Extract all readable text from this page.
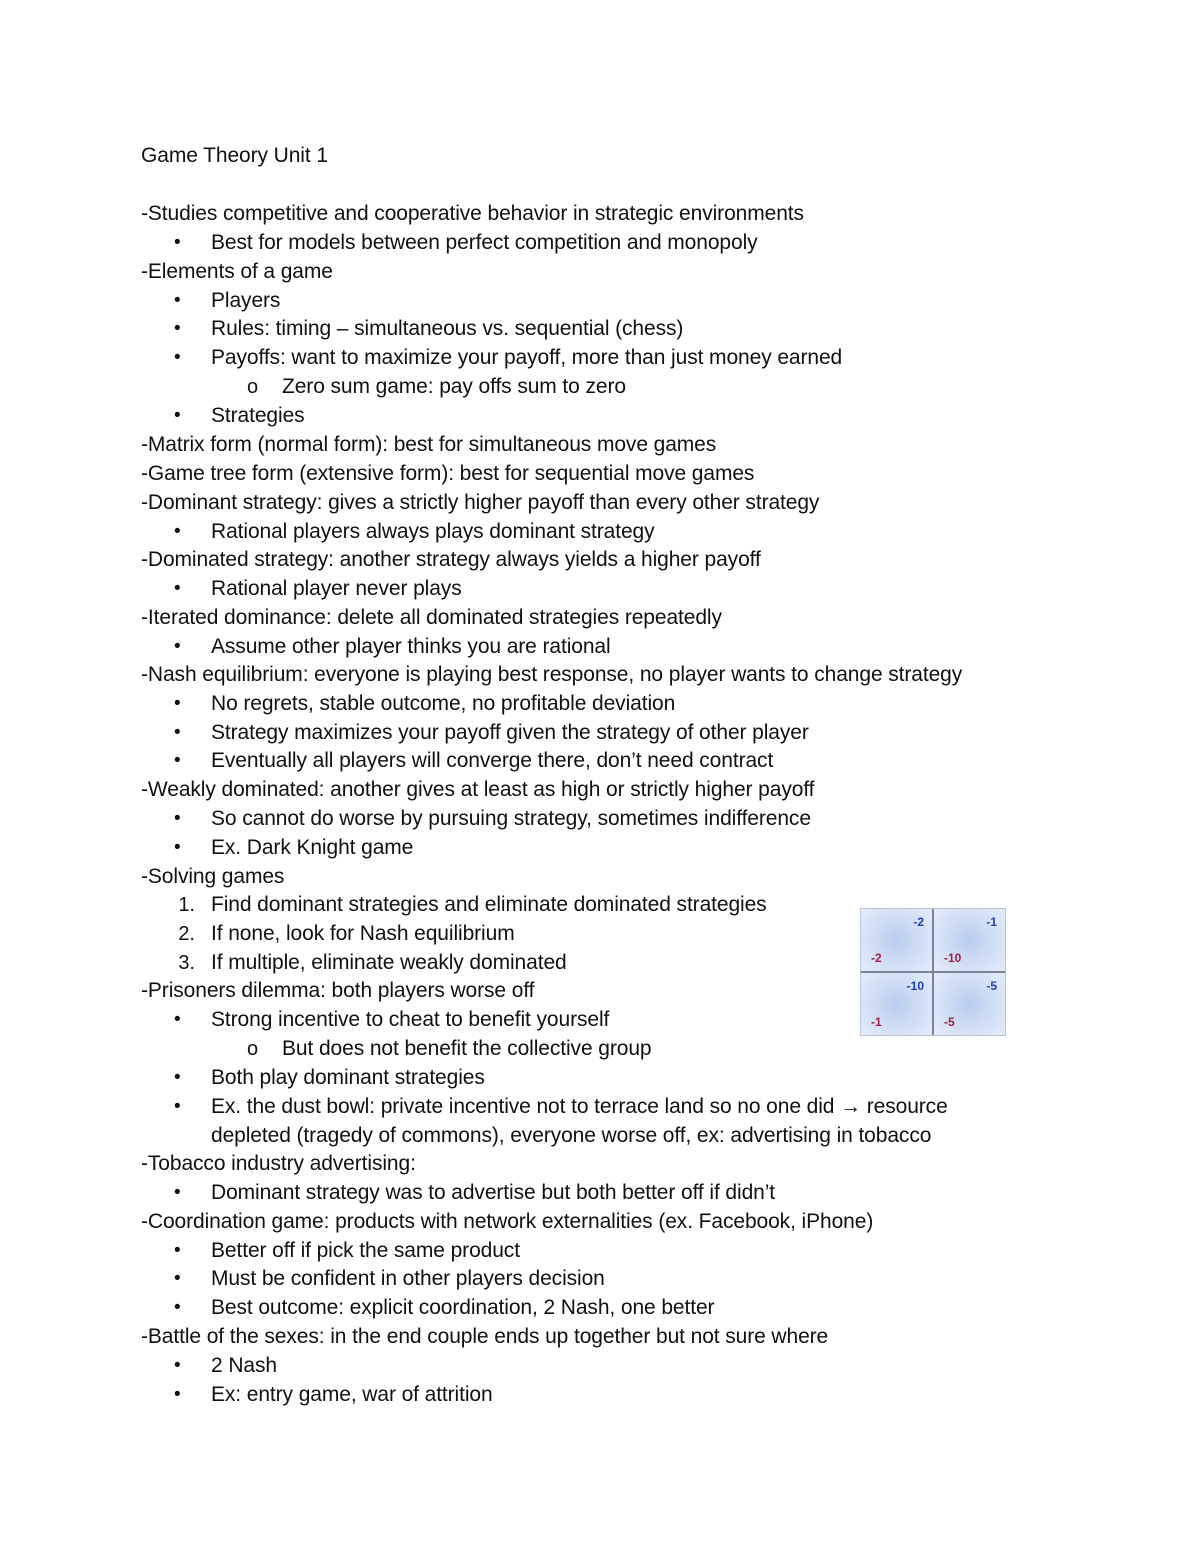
Game Theory Unit 1
-Studies competitive and cooperative behavior in strategic environments
• Best for models between perfect competition and monopoly
-Elements of a game
• Players
• Rules: timing – simultaneous vs. sequential (chess)
• Payoffs: want to maximize your payoff, more than just money earned
o Zero sum game: pay offs sum to zero
• Strategies
-Matrix form (normal form): best for simultaneous move games
-Game tree form (extensive form): best for sequential move games
-Dominant strategy: gives a strictly higher payoff than every other strategy
• Rational players always plays dominant strategy
-Dominated strategy: another strategy always yields a higher payoff
• Rational player never plays
-Iterated dominance: delete all dominated strategies repeatedly
• Assume other player thinks you are rational
-Nash equilibrium: everyone is playing best response, no player wants to change strategy
• No regrets, stable outcome, no profitable deviation
• Strategy maximizes your payoff given the strategy of other player
• Eventually all players will converge there, don’t need contract
-Weakly dominated: another gives at least as high or strictly higher payoff
• So cannot do worse by pursuing strategy, sometimes indifference
• Ex. Dark Knight game
-Solving games
1. Find dominant strategies and eliminate dominated strategies
2. If none, look for Nash equilibrium
3. If multiple, eliminate weakly dominated
-Prisoners dilemma: both players worse off
• Strong incentive to cheat to benefit yourself
o But does not benefit the collective group
• Both play dominant strategies
• Ex. the dust bowl: private incentive not to terrace land so no one did → resource
depleted (tragedy of commons), everyone worse off, ex: advertising in tobacco
-Tobacco industry advertising:
• Dominant strategy was to advertise but both better off if didn’t
-Coordination game: products with network externalities (ex. Facebook, iPhone)
• Better off if pick the same product
• Must be confident in other players decision
• Best outcome: explicit coordination, 2 Nash, one better
-Battle of the sexes: in the end couple ends up together but not sure where
• 2 Nash
• Ex: entry game, war of attrition
-2
-2
-1
-10
-10
-1
-5
-5
